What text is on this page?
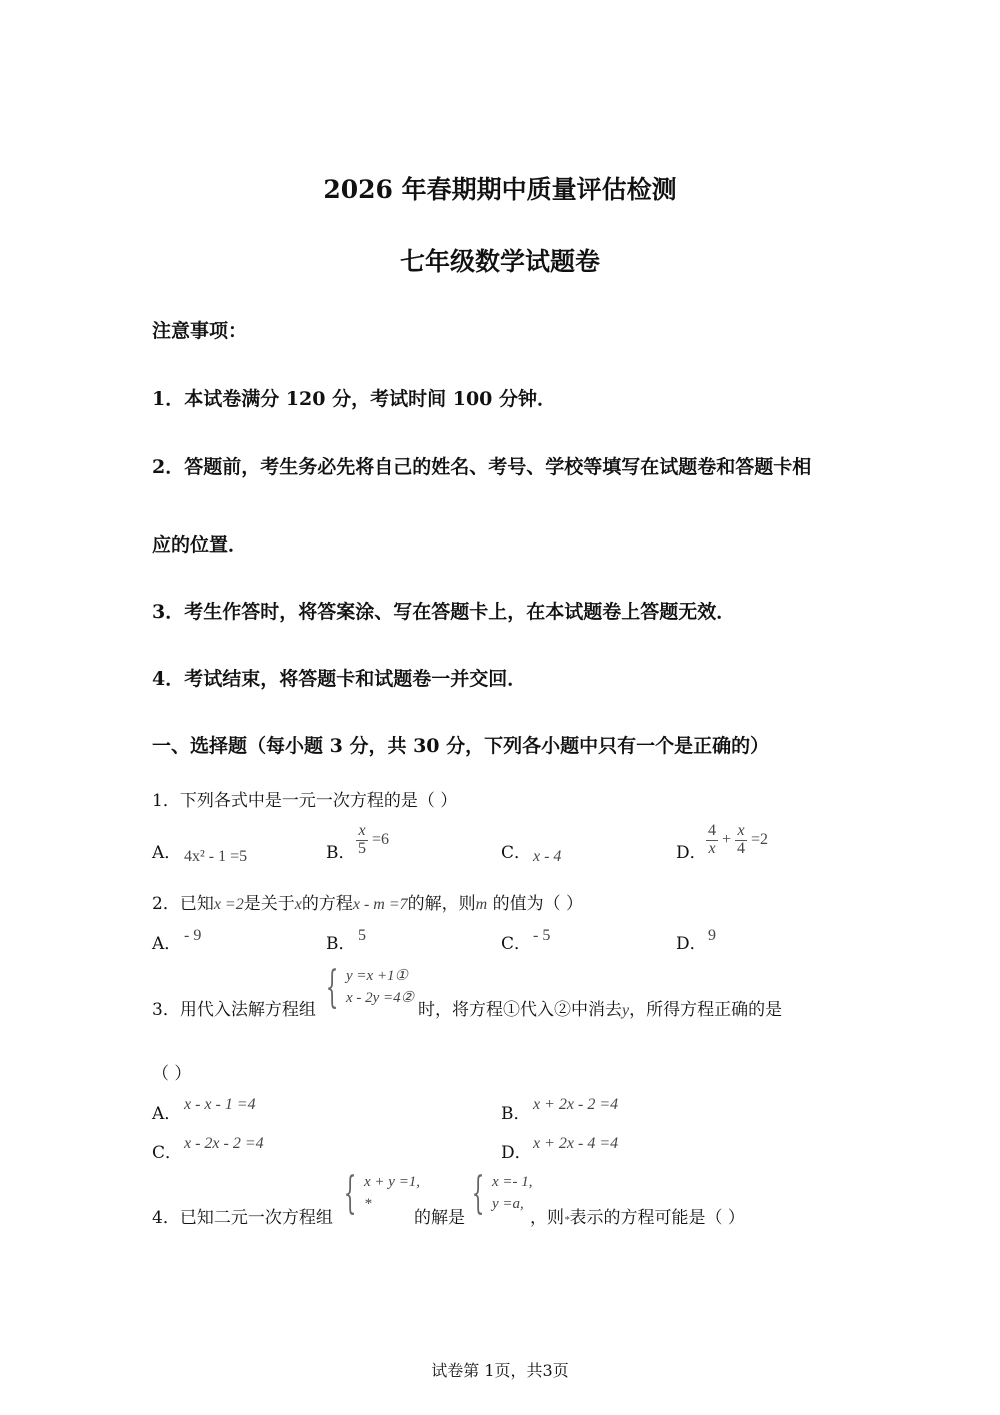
2026 年春期期中质量评估检测
七年级数学试题卷
注意事项：
1．本试卷满分 120 分，考试时间 100 分钟．
2．答题前，考生务必先将自己的姓名、考号、学校等填写在试题卷和答题卡相
应的位置．
3．考生作答时，将答案涂、写在答题卡上，在本试题卷上答题无效．
4．考试结束，将答题卡和试题卷一并交回．
一、选择题（每小题 3 分，共 30 分，下列各小题中只有一个是正确的）
1．下列各式中是一元一次方程的是（ ）
A． 4x² - 1 =5	B． $\frac{x}{5} =6$
C． x - 4	D． $\frac{4}{x} + \frac{x}{4} =2$
2．已知x =2是关于x的方程x - m =7的解，则m 的值为（ ）
A． - 9	B． 5	C． - 5	D． 9
3．用代入法解方程组 { y =x +1①
x - 2y =4②
时，将方程①代入②中消去y，所得方程正确的是
（ ）
A． x - x - 1 =4	B． x + 2x - 2 =4
C． x - 2x - 2 =4	D． x + 2x - 4 =4
4．已知二元一次方程组 { x + y =1,
*
的解是 { x =- 1,
y =a,
，则*表示的方程可能是（ ）
试卷第 1页，共3页
